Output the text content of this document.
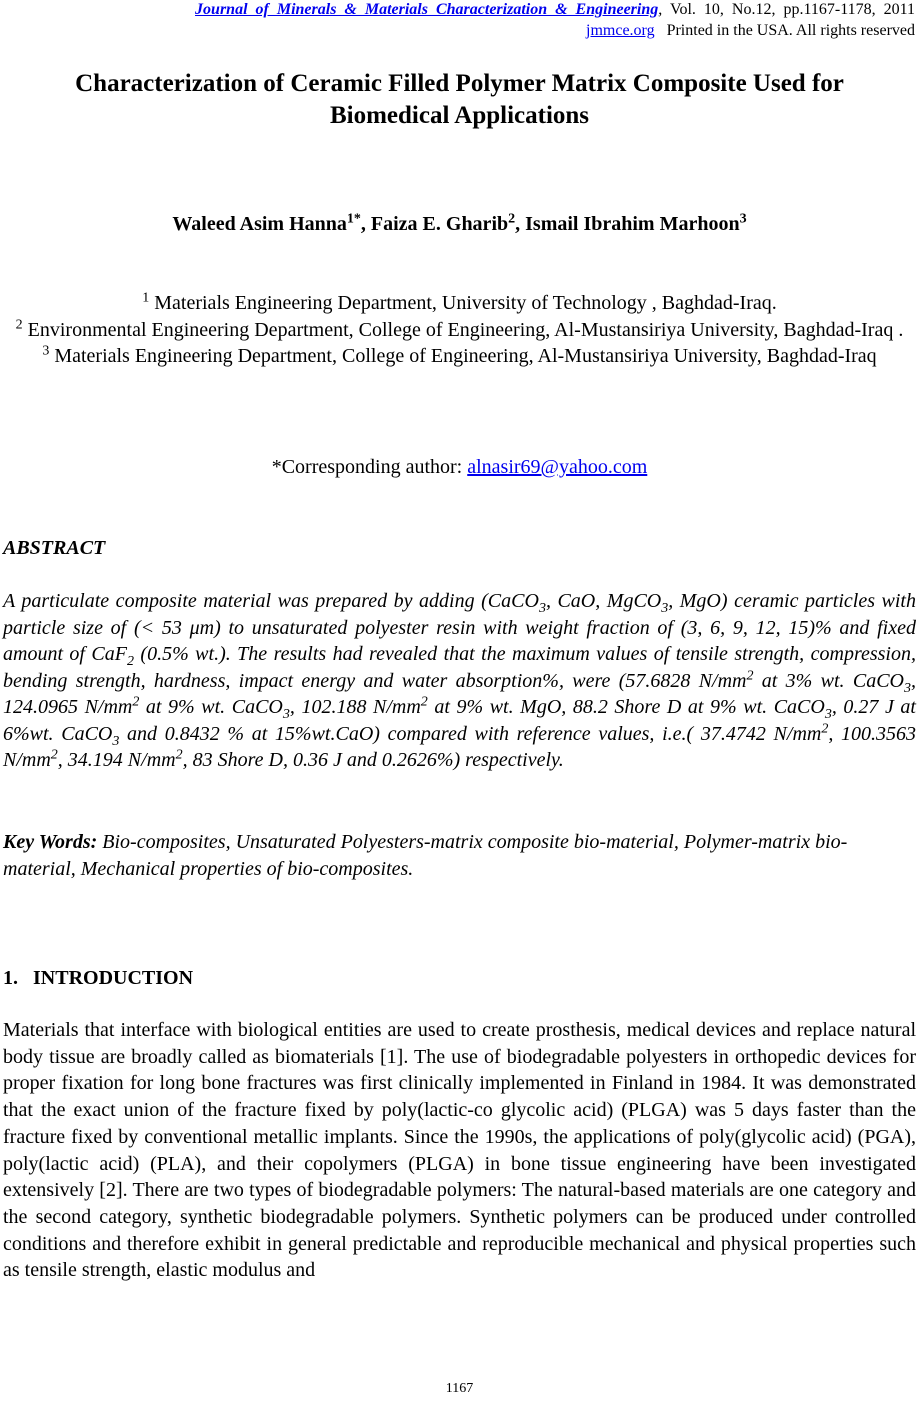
Journal of Minerals & Materials Characterization & Engineering, Vol. 10, No.12, pp.1167-1178, 2011
jmmce.org Printed in the USA. All rights reserved
Characterization of Ceramic Filled Polymer Matrix Composite Used for Biomedical Applications
Waleed Asim Hanna$^{1*}$, Faiza E. Gharib$^2$, Ismail Ibrahim Marhoon$^3$
$^1$ Materials Engineering Department, University of Technology , Baghdad-Iraq.
$^2$ Environmental Engineering Department, College of Engineering, Al-Mustansiriya University, Baghdad-Iraq .
$^3$ Materials Engineering Department, College of Engineering, Al-Mustansiriya University, Baghdad-Iraq
*Corresponding author: alnasir69@yahoo.com
ABSTRACT
A particulate composite material was prepared by adding (CaCO$_3$, CaO, MgCO$_3$, MgO) ceramic particles with particle size of (< 53 μm) to unsaturated polyester resin with weight fraction of (3, 6, 9, 12, 15)% and fixed amount of CaF$_2$ (0.5% wt.). The results had revealed that the maximum values of tensile strength, compression, bending strength, hardness, impact energy and water absorption%, were (57.6828 $N/mm^2$ at 3% wt. CaCO$_3$, 124.0965 $N/mm^2$ at 9% wt. CaCO$_3$, 102.188 $N/mm^2$ at 9% wt. MgO, 88.2 Shore D at 9% wt. CaCO$_3$, 0.27 J at 6%wt. CaCO$_3$ and 0.8432 % at 15%wt.CaO) compared with reference values, i.e.( 37.4742 $N/mm^2$, 100.3563 $N/mm^2$, 34.194 $N/mm^2$, 83 Shore D, 0.36 J and 0.2626%) respectively.
Key Words: Bio-composites, Unsaturated Polyesters-matrix composite bio-material, Polymer-matrix bio- material, Mechanical properties of bio-composites.
1. INTRODUCTION
Materials that interface with biological entities are used to create prosthesis, medical devices and replace natural body tissue are broadly called as biomaterials [1]. The use of biodegradable polyesters in orthopedic devices for proper fixation for long bone fractures was first clinically implemented in Finland in 1984. It was demonstrated that the exact union of the fracture fixed by poly(lactic-co glycolic acid) (PLGA) was 5 days faster than the fracture fixed by conventional metallic implants. Since the 1990s, the applications of poly(glycolic acid) (PGA), poly(lactic acid) (PLA), and their copolymers (PLGA) in bone tissue engineering have been investigated extensively [2]. There are two types of biodegradable polymers: The natural-based materials are one category and the second category, synthetic biodegradable polymers. Synthetic polymers can be produced under controlled conditions and therefore exhibit in general predictable and reproducible mechanical and physical properties such as tensile strength, elastic modulus and
1167
